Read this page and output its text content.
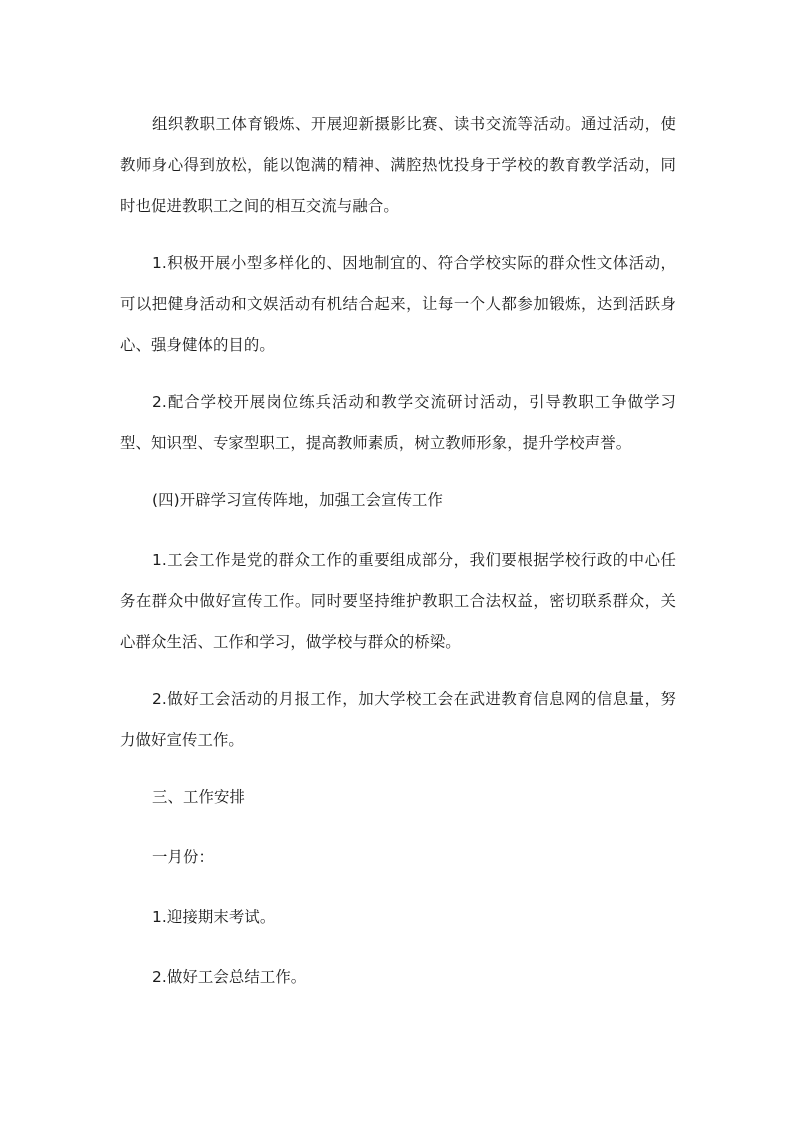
组织教职工体育锻炼、开展迎新摄影比赛、读书交流等活动。通过活动，使教师身心得到放松，能以饱满的精神、满腔热忱投身于学校的教育教学活动，同时也促进教职工之间的相互交流与融合。

1.积极开展小型多样化的、因地制宜的、符合学校实际的群众性文体活动，可以把健身活动和文娱活动有机结合起来，让每一个人都参加锻炼，达到活跃身心、强身健体的目的。

2.配合学校开展岗位练兵活动和教学交流研讨活动，引导教职工争做学习型、知识型、专家型职工，提高教师素质，树立教师形象，提升学校声誉。

(四)开辟学习宣传阵地，加强工会宣传工作

1.工会工作是党的群众工作的重要组成部分，我们要根据学校行政的中心任务在群众中做好宣传工作。同时要坚持维护教职工合法权益，密切联系群众，关心群众生活、工作和学习，做学校与群众的桥梁。

2.做好工会活动的月报工作，加大学校工会在武进教育信息网的信息量，努力做好宣传工作。

三、工作安排

一月份：

1.迎接期末考试。

2.做好工会总结工作。
